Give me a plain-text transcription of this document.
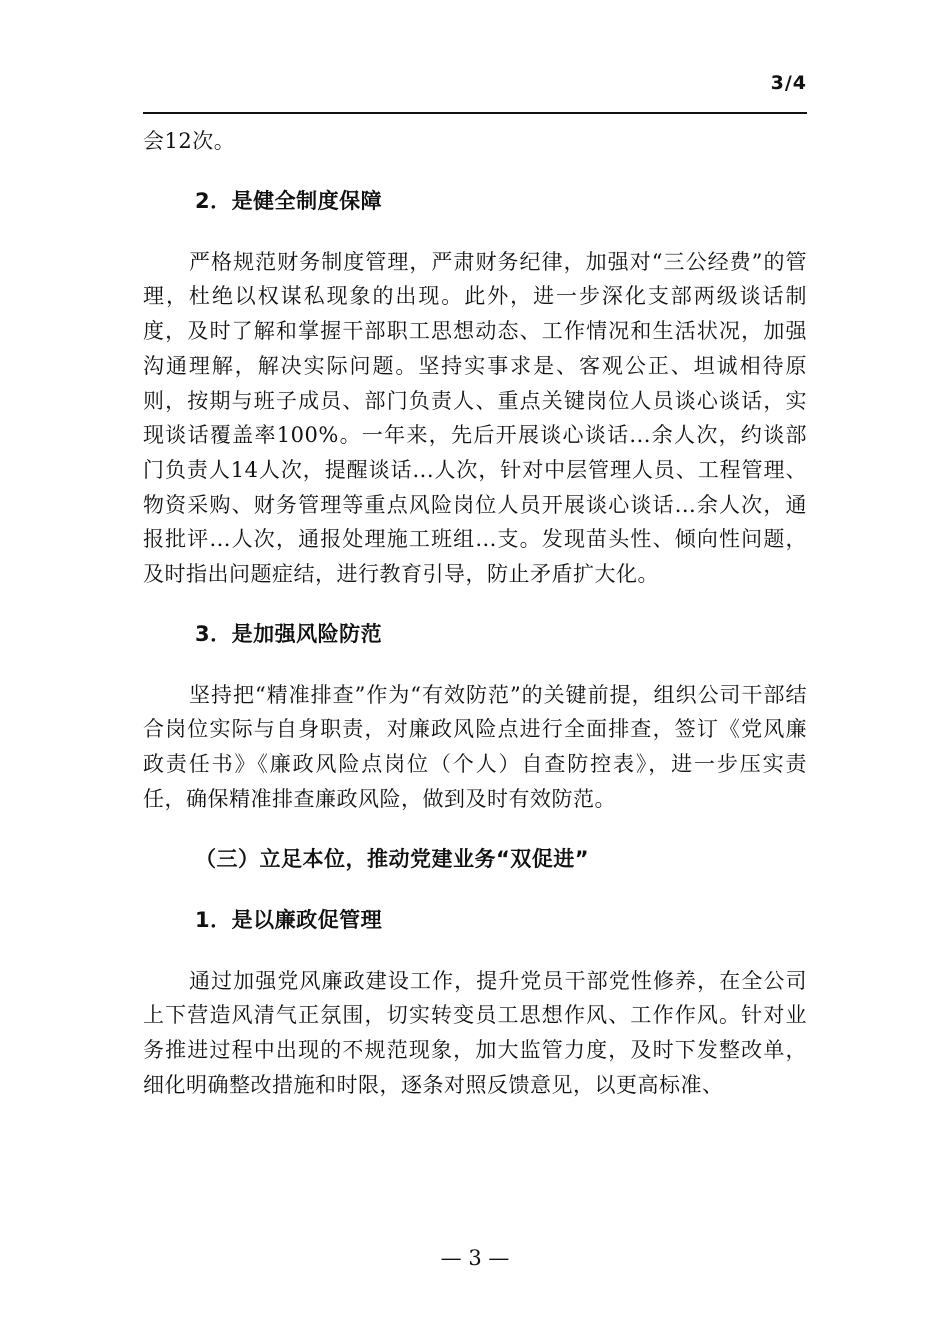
3/4

会12次。

2．是健全制度保障

严格规范财务制度管理，严肃财务纪律，加强对“三公经费”的管理，杜绝以权谋私现象的出现。此外，进一步深化支部两级谈话制度，及时了解和掌握干部职工思想动态、工作情况和生活状况，加强沟通理解，解决实际问题。坚持实事求是、客观公正、坦诚相待原则，按期与班子成员、部门负责人、重点关键岗位人员谈心谈话，实现谈话覆盖率100%。一年来，先后开展谈心谈话...余人次，约谈部门负责人14人次，提醒谈话...人次，针对中层管理人员、工程管理、物资采购、财务管理等重点风险岗位人员开展谈心谈话...余人次，通报批评...人次，通报处理施工班组...支。发现苗头性、倾向性问题，及时指出问题症结，进行教育引导，防止矛盾扩大化。

3．是加强风险防范

坚持把“精准排查”作为“有效防范”的关键前提，组织公司干部结合岗位实际与自身职责，对廉政风险点进行全面排查，签订《党风廉政责任书》《廉政风险点岗位（个人）自查防控表》，进一步压实责任，确保精准排查廉政风险，做到及时有效防范。

（三）立足本位，推动党建业务“双促进”
1．是以廉政促管理

通过加强党风廉政建设工作，提升党员干部党性修养，在全公司上下营造风清气正氛围，切实转变员工思想作风、工作作风。针对业务推进过程中出现的不规范现象，加大监管力度，及时下发整改单，细化明确整改措施和时限，逐条对照反馈意见，以更高标准、

— 3 —
